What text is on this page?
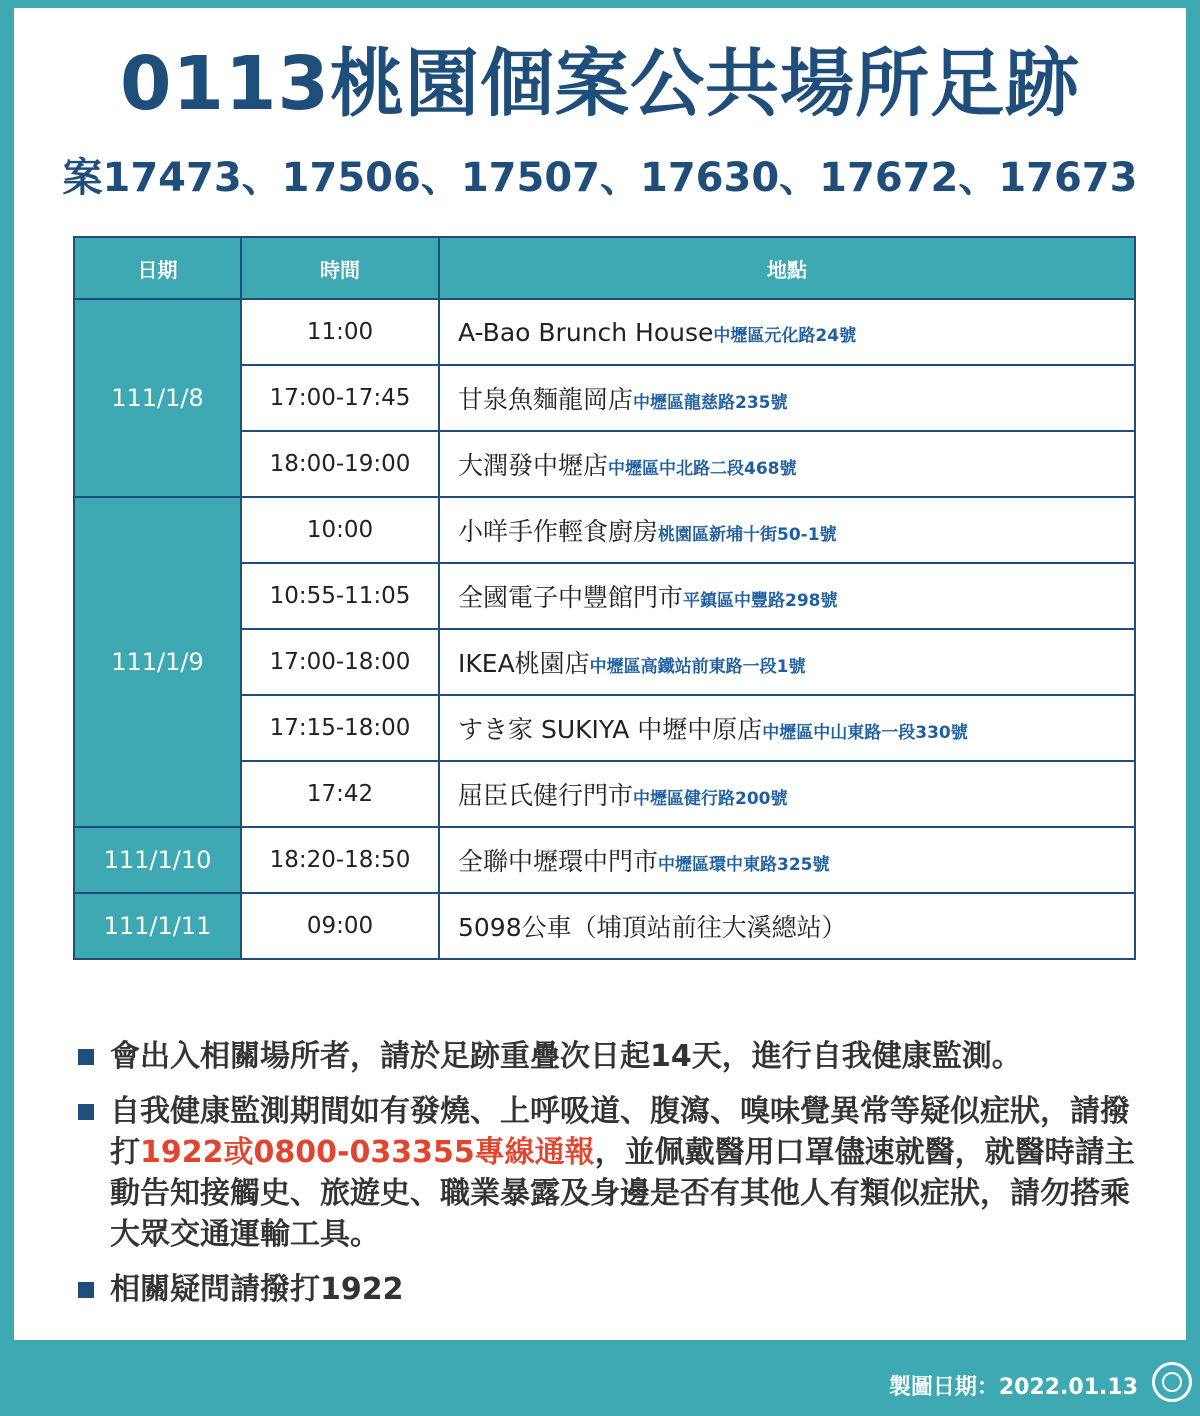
0113桃園個案公共場所足跡
案17473、17506、17507、17630、17672、17673
日期	時間	地點
111/1/8	11:00	A-Bao Brunch House中壢區元化路24號
	17:00-17:45	甘泉魚麵龍岡店中壢區龍慈路235號
	18:00-19:00	大潤發中壢店中壢區中北路二段468號
111/1/9	10:00	小咩手作輕食廚房桃園區新埔十街50-1號
	10:55-11:05	全國電子中豐館門市平鎮區中豐路298號
	17:00-18:00	IKEA桃園店中壢區高鐵站前東路一段1號
	17:15-18:00	すき家 SUKIYA 中壢中原店中壢區中山東路一段330號
	17:42	屈臣氏健行門市中壢區健行路200號
111/1/10	18:20-18:50	全聯中壢環中門市中壢區環中東路325號
111/1/11	09:00	5098公車（埔頂站前往大溪總站）
會出入相關場所者，請於足跡重疊次日起14天，進行自我健康監測。
自我健康監測期間如有發燒、上呼吸道、腹瀉、嗅味覺異常等疑似症狀，請撥打1922或0800-033355專線通報，並佩戴醫用口罩儘速就醫，就醫時請主動告知接觸史、旅遊史、職業暴露及身邊是否有其他人有類似症狀，請勿搭乘大眾交通運輸工具。
相關疑問請撥打1922
製圖日期：2022.01.13
